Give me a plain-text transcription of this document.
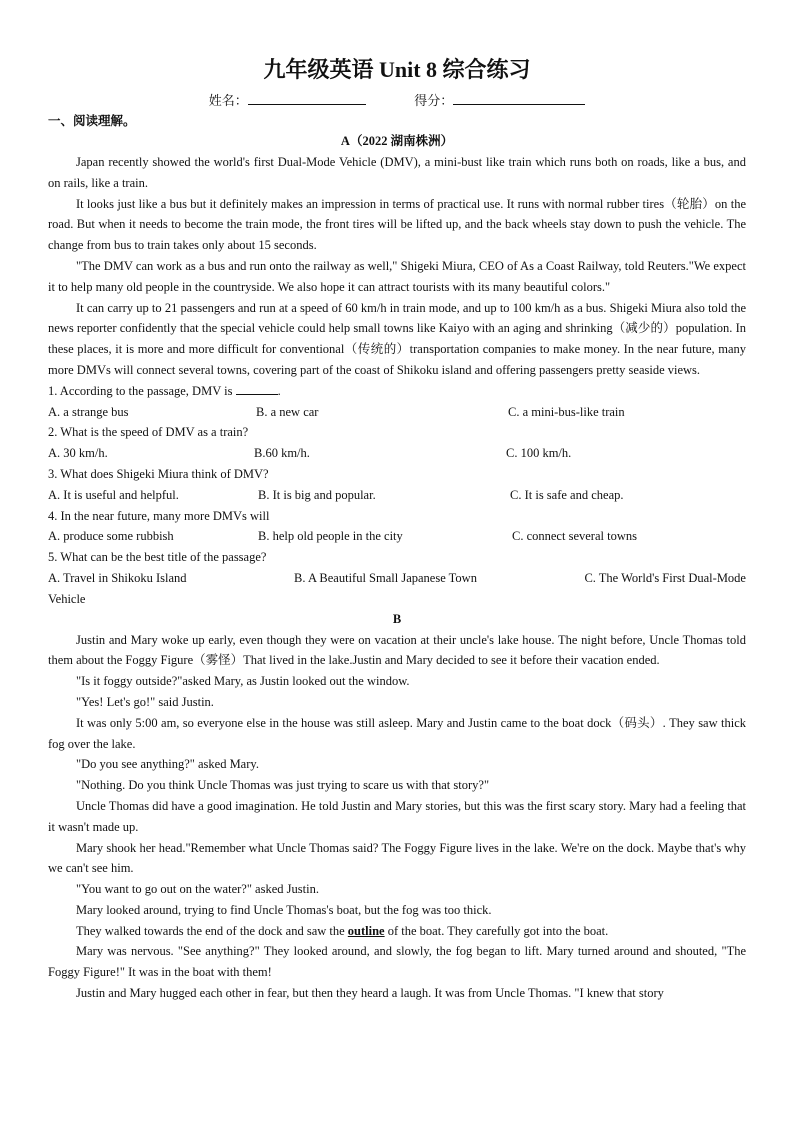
九年级英语 Unit 8 综合练习
姓名：	得分：
一、阅读理解。
A（2022 湖南株洲）

Japan recently showed the world's first Dual-Mode Vehicle (DMV), a mini-bust like train which runs both on roads, like a bus, and on rails, like a train.

It looks just like a bus but it definitely makes an impression in terms of practical use. It runs with normal rubber tires（轮胎）on the road. But when it needs to become the train mode, the front tires will be lifted up, and the back wheels stay down to push the vehicle. The change from bus to train takes only about 15 seconds.

"The DMV can work as a bus and run onto the railway as well," Shigeki Miura, CEO of As a Coast Railway, told Reuters."We expect it to help many old people in the countryside. We also hope it can attract tourists with its many beautiful colors."

It can carry up to 21 passengers and run at a speed of 60 km/h in train mode, and up to 100 km/h as a bus. Shigeki Miura also told the news reporter confidently that the special vehicle could help small towns like Kaiyo with an aging and shrinking（减少的）population. In these places, it is more and more difficult for conventional（传统的）transportation companies to make money. In the near future, many more DMVs will connect several towns, covering part of the coast of Shikoku island and offering passengers pretty seaside views.

1. According to the passage, DMV is	.
A. a strange bus	B. a new car	C. a mini-bus-like train
2. What is the speed of DMV as a train?
A. 30 km/h.	B.60 km/h.	C. 100 km/h.
3. What does Shigeki Miura think of DMV?
A. It is useful and helpful.	B. It is big and popular.	C. It is safe and cheap.
4. In the near future, many more DMVs will
A. produce some rubbish	B. help old people in the city	C. connect several towns
5. What can be the best title of the passage?
A. Travel in Shikoku Island	B. A Beautiful Small Japanese Town	C. The World's First Dual-Mode
Vehicle
B

Justin and Mary woke up early, even though they were on vacation at their uncle's lake house. The night before, Uncle Thomas told them about the Foggy Figure（雾怪）That lived in the lake.Justin and Mary decided to see it before their vacation ended.

"Is it foggy outside?"asked Mary, as Justin looked out the window.

"Yes! Let's go!" said Justin.

It was only 5:00 am, so everyone else in the house was still asleep. Mary and Justin came to the boat dock（码头）. They saw thick fog over the lake.

"Do you see anything?" asked Mary.

"Nothing. Do you think Uncle Thomas was just trying to scare us with that story?"

Uncle Thomas did have a good imagination. He told Justin and Mary stories, but this was the first scary story. Mary had a feeling that it wasn't made up.

Mary shook her head."Remember what Uncle Thomas said? The Foggy Figure lives in the lake. We're on the dock. Maybe that's why we can't see him.

"You want to go out on the water?" asked Justin.

Mary looked around, trying to find Uncle Thomas's boat, but the fog was too thick.

They walked towards the end of the dock and saw the outline of the boat. They carefully got into the boat.

Mary was nervous. "See anything?" They looked around, and slowly, the fog began to lift. Mary turned around and shouted, "The Foggy Figure!" It was in the boat with them!

Justin and Mary hugged each other in fear, but then they heard a laugh. It was from Uncle Thomas. "I knew that story
